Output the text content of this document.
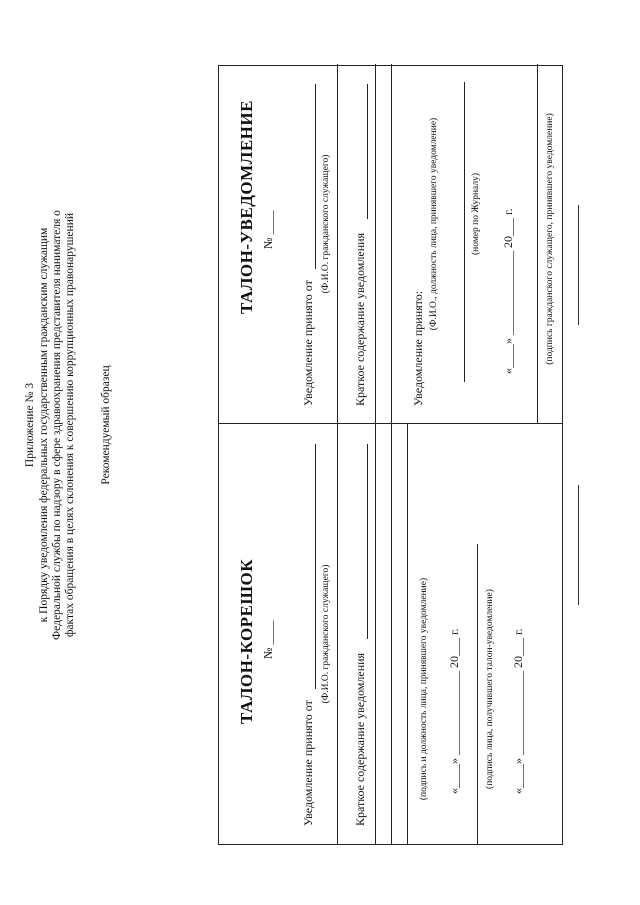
Приложение № 3 к Порядку уведомления федеральных государственным гражданским служащим Федеральной службы по надзору в сфере здравоохранения представителя нанимателя о фактах обращения в целях склонения к совершению коррупционных правонарушений Рекомендуемый образец
ТАЛОН-КОРЕШОК № ____
Уведомление принято от
(Ф.И.О. гражданского служащего)
Краткое содержание уведомления	(подпись и должность лица, принявшего уведомление) «____» ______________ 20___ г.	(подпись лица, получившего талон-уведомление) «____» ______________ 20___ г.
ТАЛОН-УВЕДОМЛЕНИЕ № ____
Уведомление принято от
(Ф.И.О. гражданского служащего)
Краткое содержание уведомления	Уведомление принято:
(Ф.И.О., должность лица, принявшего уведомление)	(номер по Журналу) «____» ______________ 20___ г.	(подпись гражданского служащего, принявшего уведомление)
